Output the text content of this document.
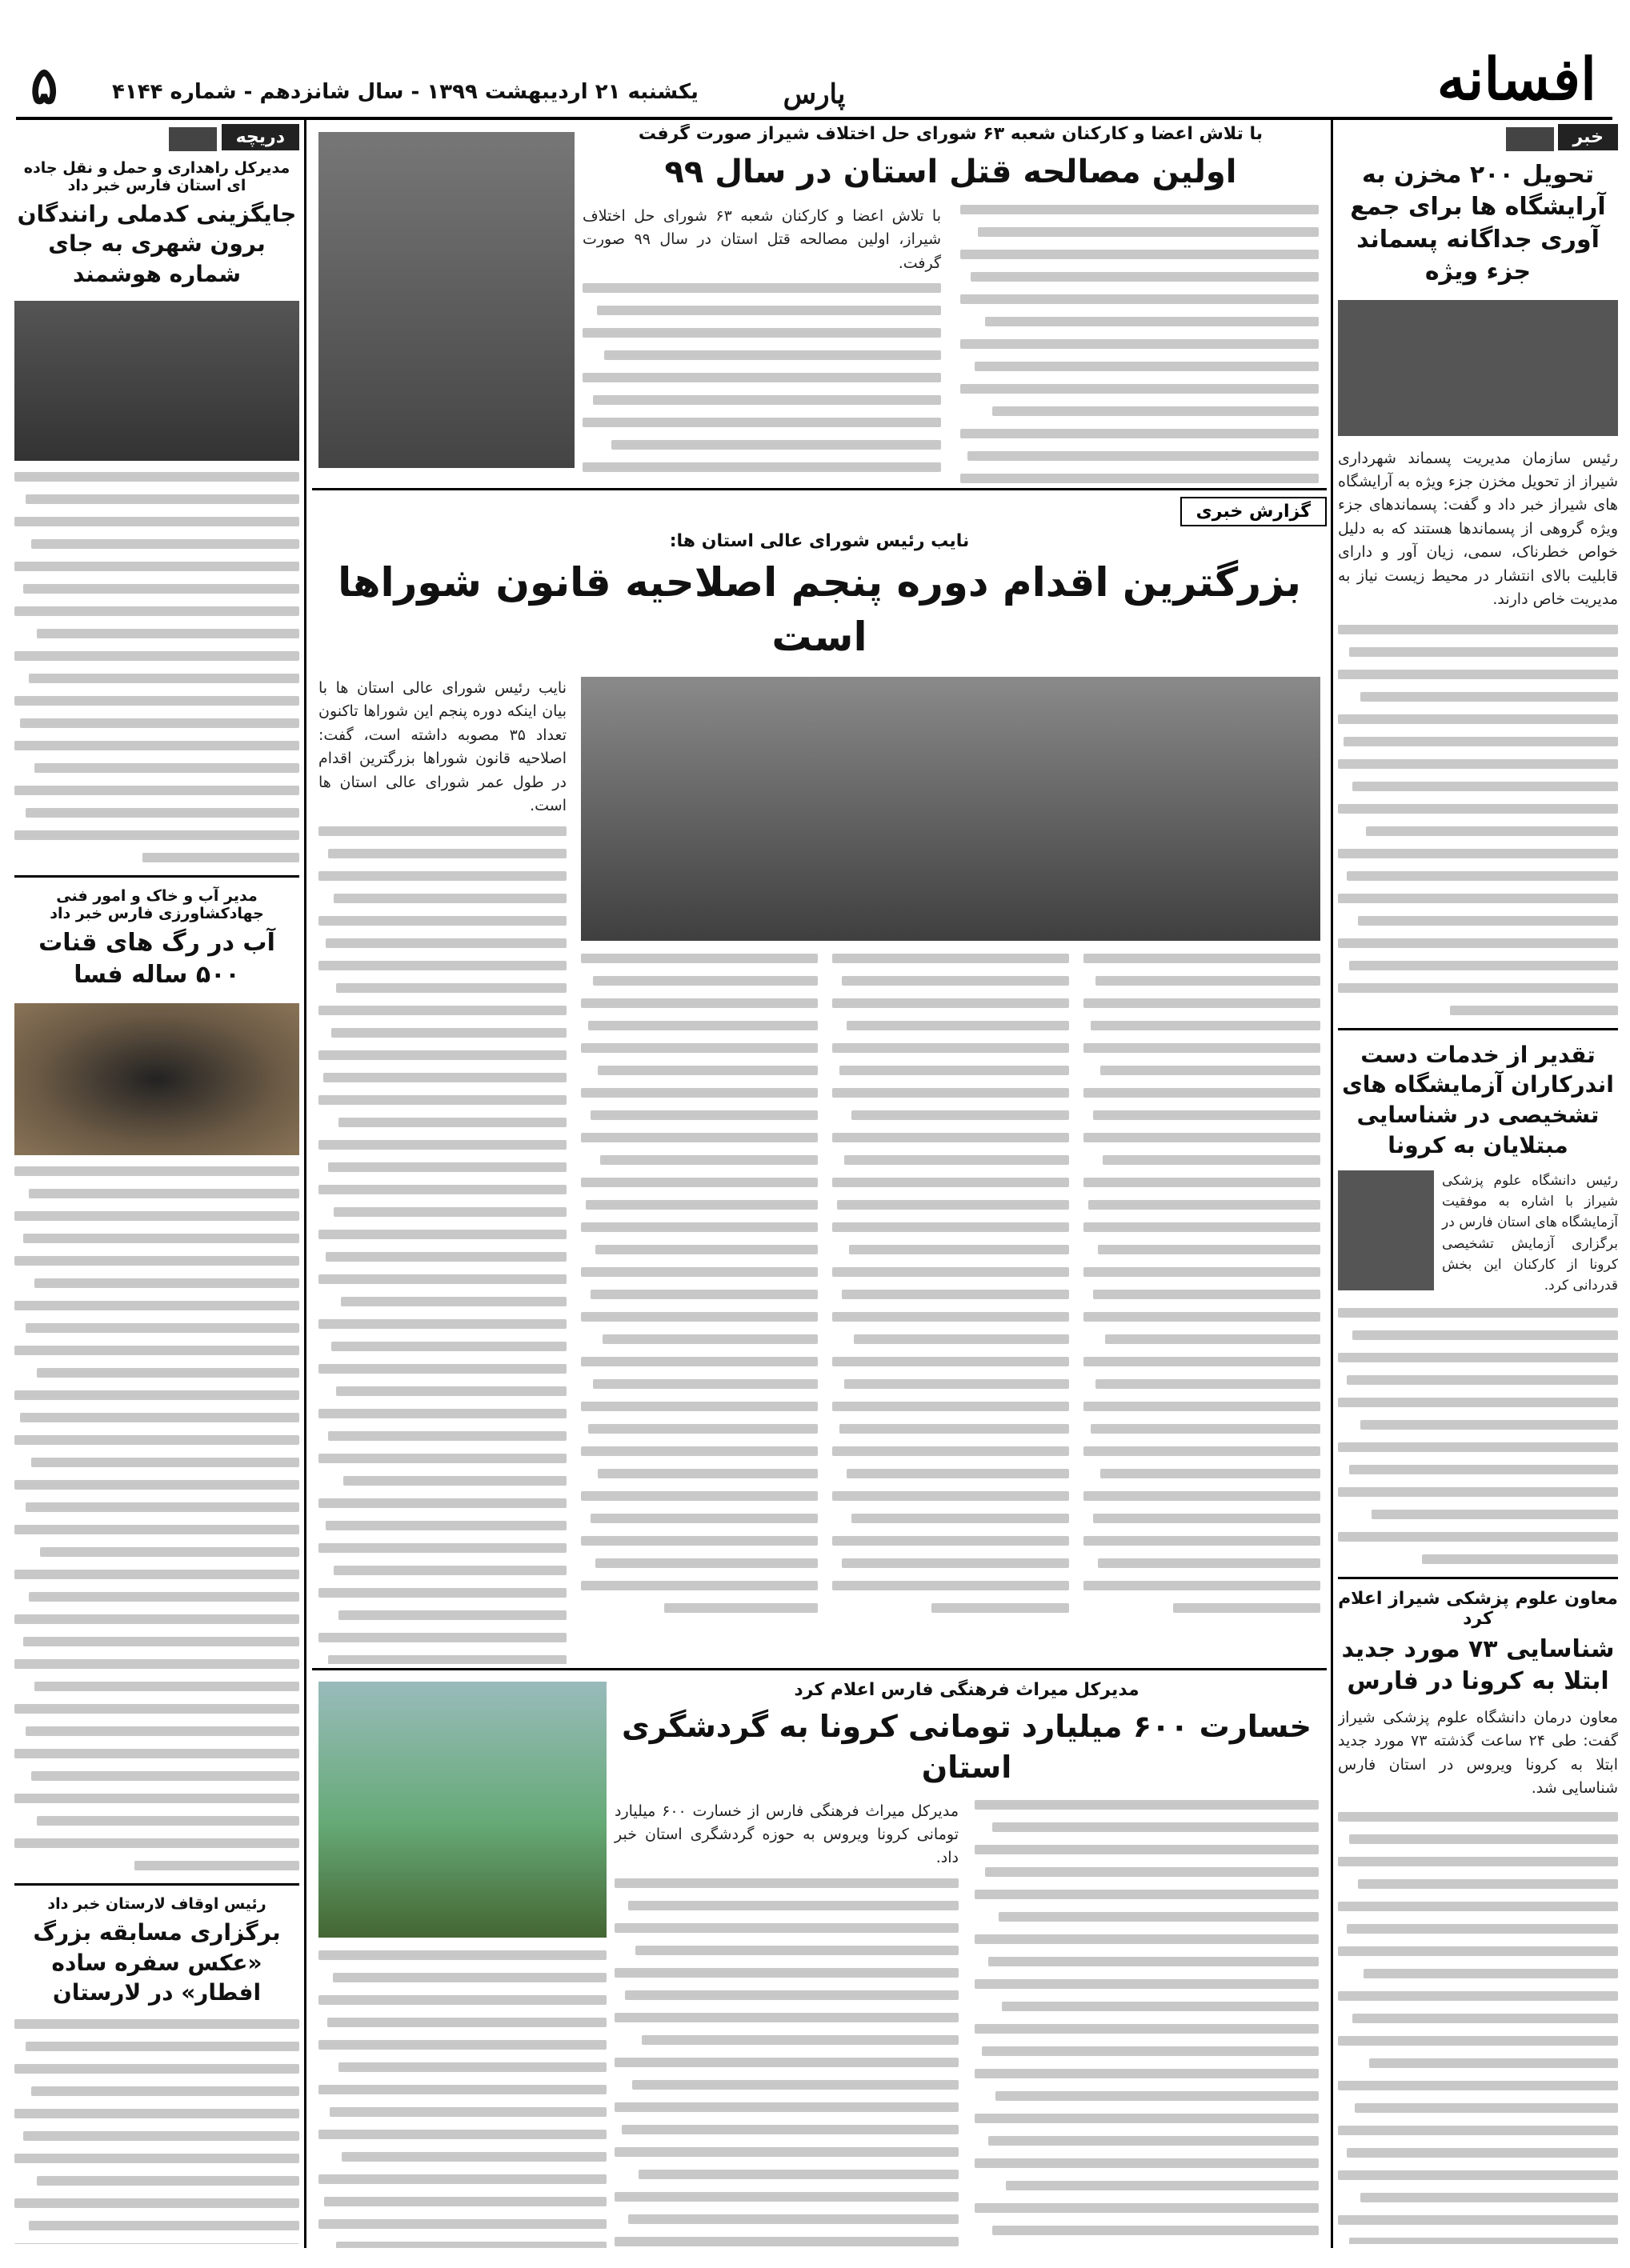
افسانه
پارس
یکشنبه ۲۱ اردیبهشت ۱۳۹۹ - سال شانزدهم - شماره ۴۱۴۴
۵
خبر
تحویل ۲۰۰ مخزن به آرایشگاه ها برای جمع آوری جداگانه پسماند جزء ویژه
رئیس سازمان مدیریت پسماند شهرداری شیراز از تحویل مخزن جزء ویژه به آرایشگاه های شیراز خبر داد و گفت: پسماندهای جزء ویژه گروهی از پسماندها هستند که به دلیل خواص خطرناک، سمی، زیان آور و دارای قابلیت بالای انتشار در محیط زیست نیاز به مدیریت خاص دارند.
تقدیر از خدمات دست اندرکاران آزمایشگاه های تشخیصی در شناسایی مبتلایان به کرونا
رئیس دانشگاه علوم پزشکی شیراز با اشاره به موفقیت آزمایشگاه های استان فارس در برگزاری آزمایش تشخیصی کرونا از کارکنان این بخش قدردانی کرد.
معاون علوم پزشکی شیراز اعلام کرد
شناسایی ۷۳ مورد جدید ابتلا به کرونا در فارس
معاون درمان دانشگاه علوم پزشکی شیراز گفت: طی ۲۴ ساعت گذشته ۷۳ مورد جدید ابتلا به کرونا ویروس در استان فارس شناسایی شد.
با تلاش اعضا و کارکنان شعبه ۶۳ شورای حل اختلاف شیراز صورت گرفت
اولین مصالحه قتل استان در سال ۹۹
با تلاش اعضا و کارکنان شعبه ۶۳ شورای حل اختلاف شیراز، اولین مصالحه قتل استان در سال ۹۹ صورت گرفت.
گزارش خبری
نایب رئیس شورای عالی استان ها:
بزرگترین اقدام دوره پنجم اصلاحیه قانون شوراها است
نایب رئیس شورای عالی استان ها با بیان اینکه دوره پنجم این شوراها تاکنون تعداد ۳۵ مصوبه داشته است، گفت: اصلاحیه قانون شوراها بزرگترین اقدام در طول عمر شورای عالی استان ها است.
مدیرکل میراث فرهنگی فارس اعلام کرد
خسارت ۶۰۰ میلیارد تومانی کرونا به گردشگری استان
مدیرکل میراث فرهنگی فارس از خسارت ۶۰۰ میلیارد تومانی کرونا ویروس به حوزه گردشگری استان خبر داد.
دریچه
مدیرکل راهداری و حمل و نقل جاده ای استان فارس خبر داد
جایگزینی کدملی رانندگان برون شهری به جای شماره هوشمند
مدیر آب و خاک و امور فنی جهادکشاورزی فارس خبر داد
آب در رگ های قنات ۵۰۰ ساله فسا
رئیس اوقاف لارستان خبر داد
برگزاری مسابقه بزرگ «عکس سفره ساده افطار» در لارستان
